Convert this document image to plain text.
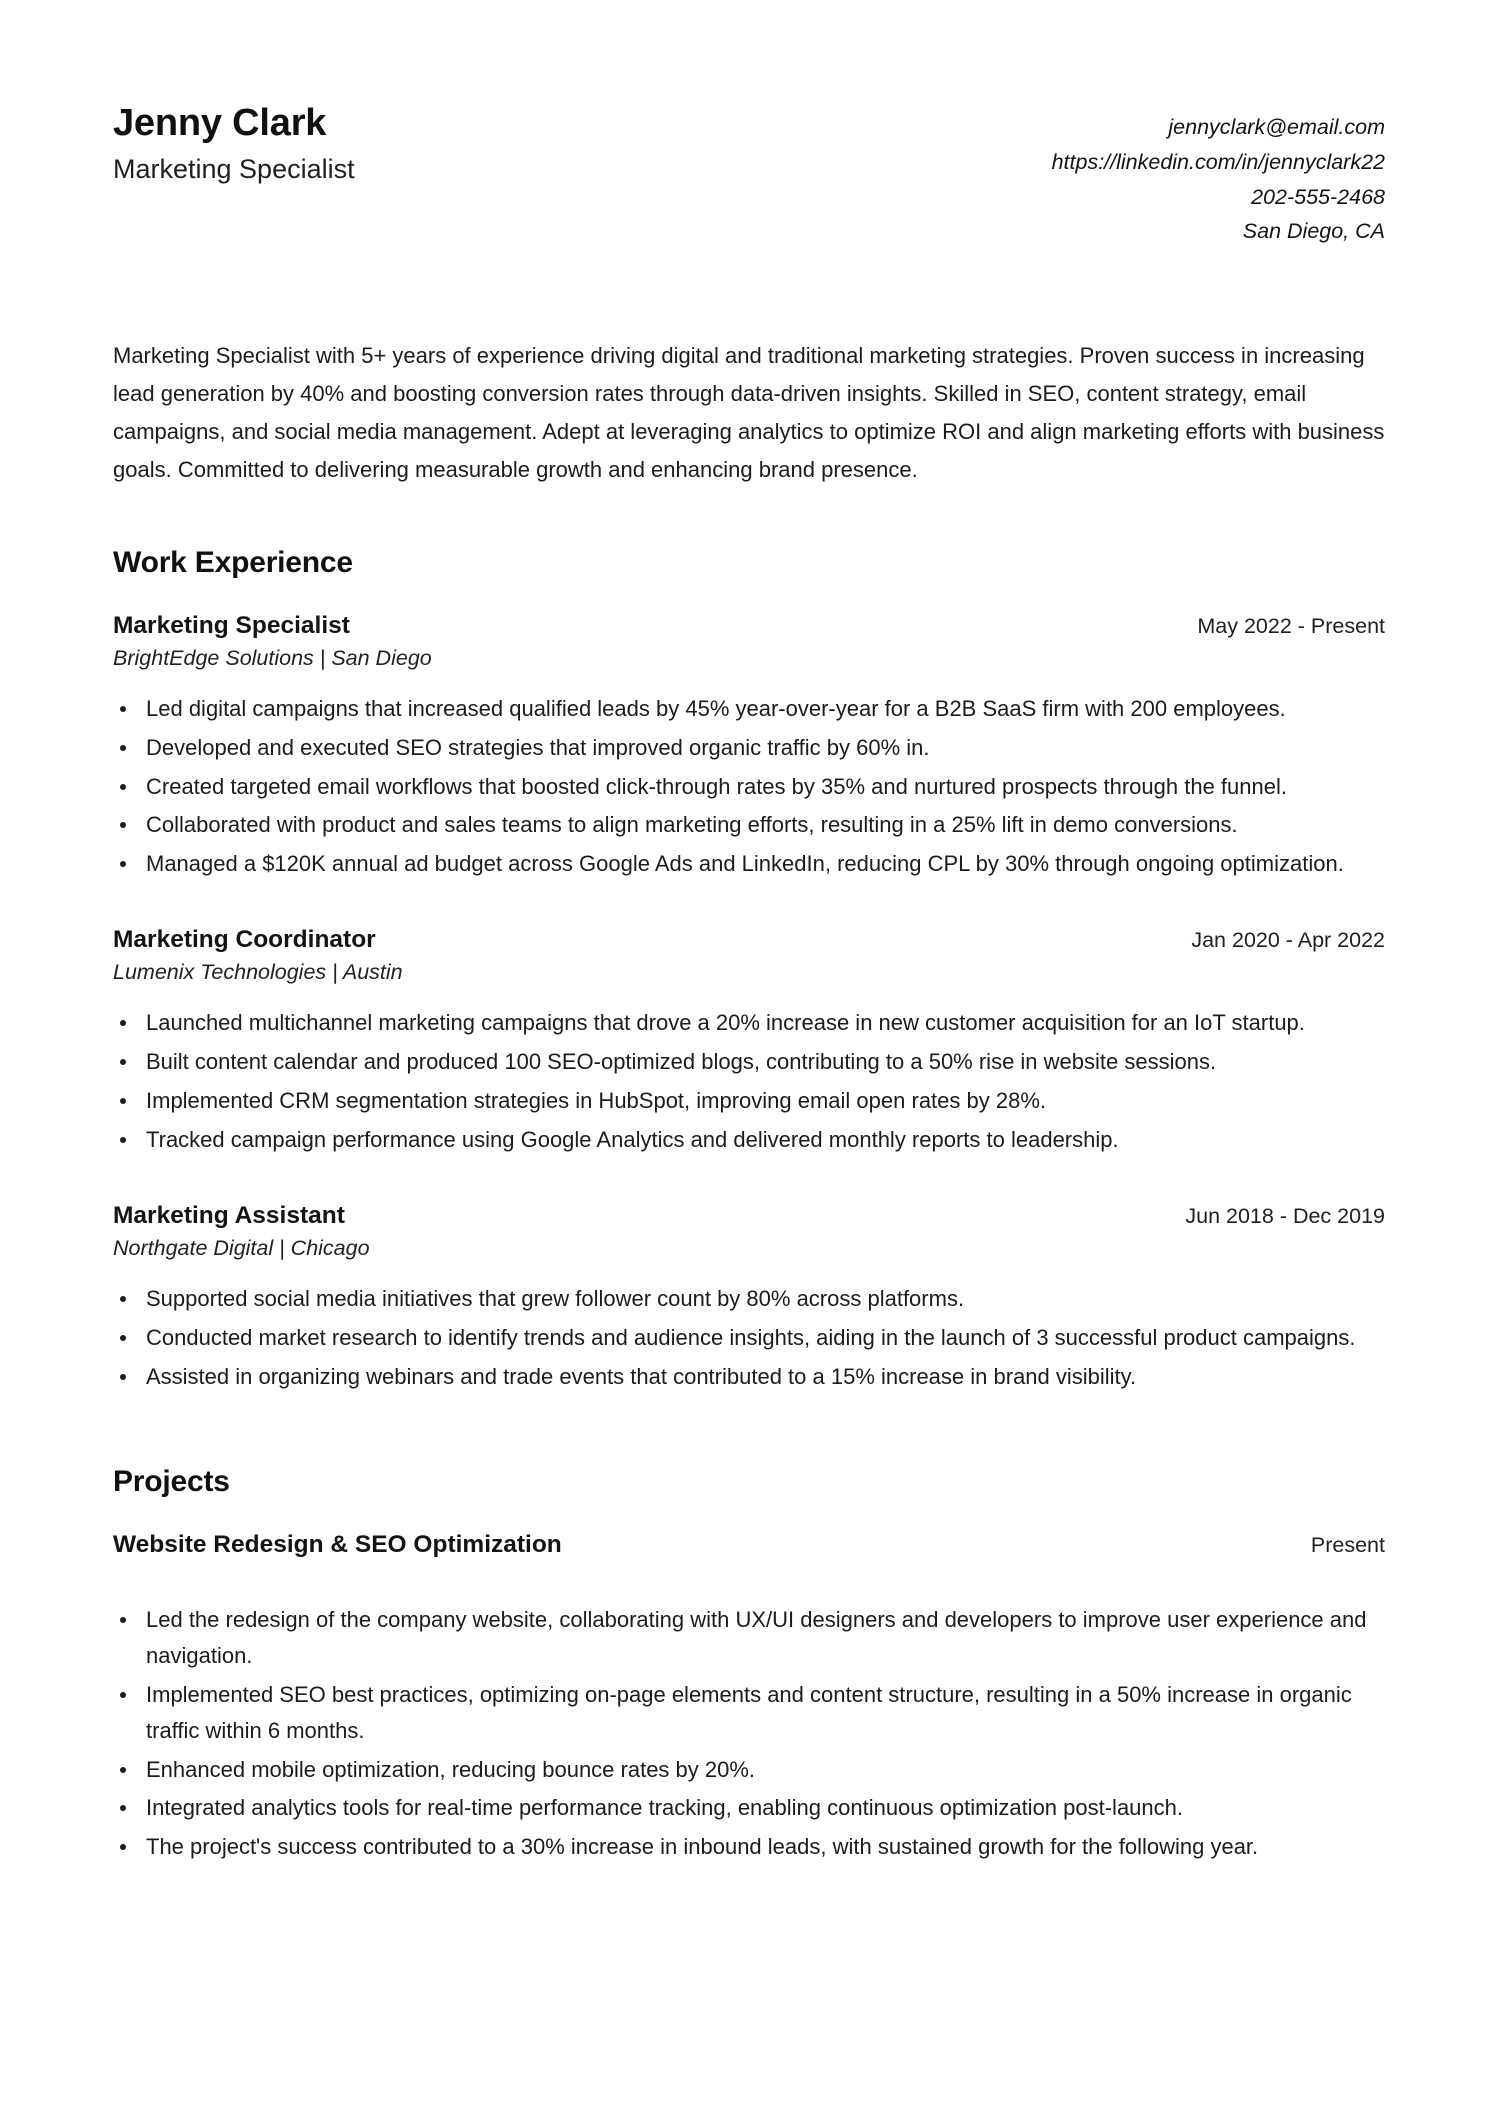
Jenny Clark
Marketing Specialist
jennyclark@email.com
https://linkedin.com/in/jennyclark22
202-555-2468
San Diego, CA

Marketing Specialist with 5+ years of experience driving digital and traditional marketing strategies. Proven success in increasing lead generation by 40% and boosting conversion rates through data-driven insights. Skilled in SEO, content strategy, email campaigns, and social media management. Adept at leveraging analytics to optimize ROI and align marketing efforts with business goals. Committed to delivering measurable growth and enhancing brand presence.

Work Experience
Marketing Specialist	May 2022 - Present
BrightEdge Solutions | San Diego
Led digital campaigns that increased qualified leads by 45% year-over-year for a B2B SaaS firm with 200 employees.
Developed and executed SEO strategies that improved organic traffic by 60% in.
Created targeted email workflows that boosted click-through rates by 35% and nurtured prospects through the funnel.
Collaborated with product and sales teams to align marketing efforts, resulting in a 25% lift in demo conversions.
Managed a $120K annual ad budget across Google Ads and LinkedIn, reducing CPL by 30% through ongoing optimization.
Marketing Coordinator	Jan 2020 - Apr 2022
Lumenix Technologies | Austin
Launched multichannel marketing campaigns that drove a 20% increase in new customer acquisition for an IoT startup.
Built content calendar and produced 100 SEO-optimized blogs, contributing to a 50% rise in website sessions.
Implemented CRM segmentation strategies in HubSpot, improving email open rates by 28%.
Tracked campaign performance using Google Analytics and delivered monthly reports to leadership.
Marketing Assistant	Jun 2018 - Dec 2019
Northgate Digital | Chicago
Supported social media initiatives that grew follower count by 80% across platforms.
Conducted market research to identify trends and audience insights, aiding in the launch of 3 successful product campaigns.
Assisted in organizing webinars and trade events that contributed to a 15% increase in brand visibility.
Projects
Website Redesign & SEO Optimization	Present
Led the redesign of the company website, collaborating with UX/UI designers and developers to improve user experience and navigation.
Implemented SEO best practices, optimizing on-page elements and content structure, resulting in a 50% increase in organic traffic within 6 months.
Enhanced mobile optimization, reducing bounce rates by 20%.
Integrated analytics tools for real-time performance tracking, enabling continuous optimization post-launch.
The project's success contributed to a 30% increase in inbound leads, with sustained growth for the following year.
